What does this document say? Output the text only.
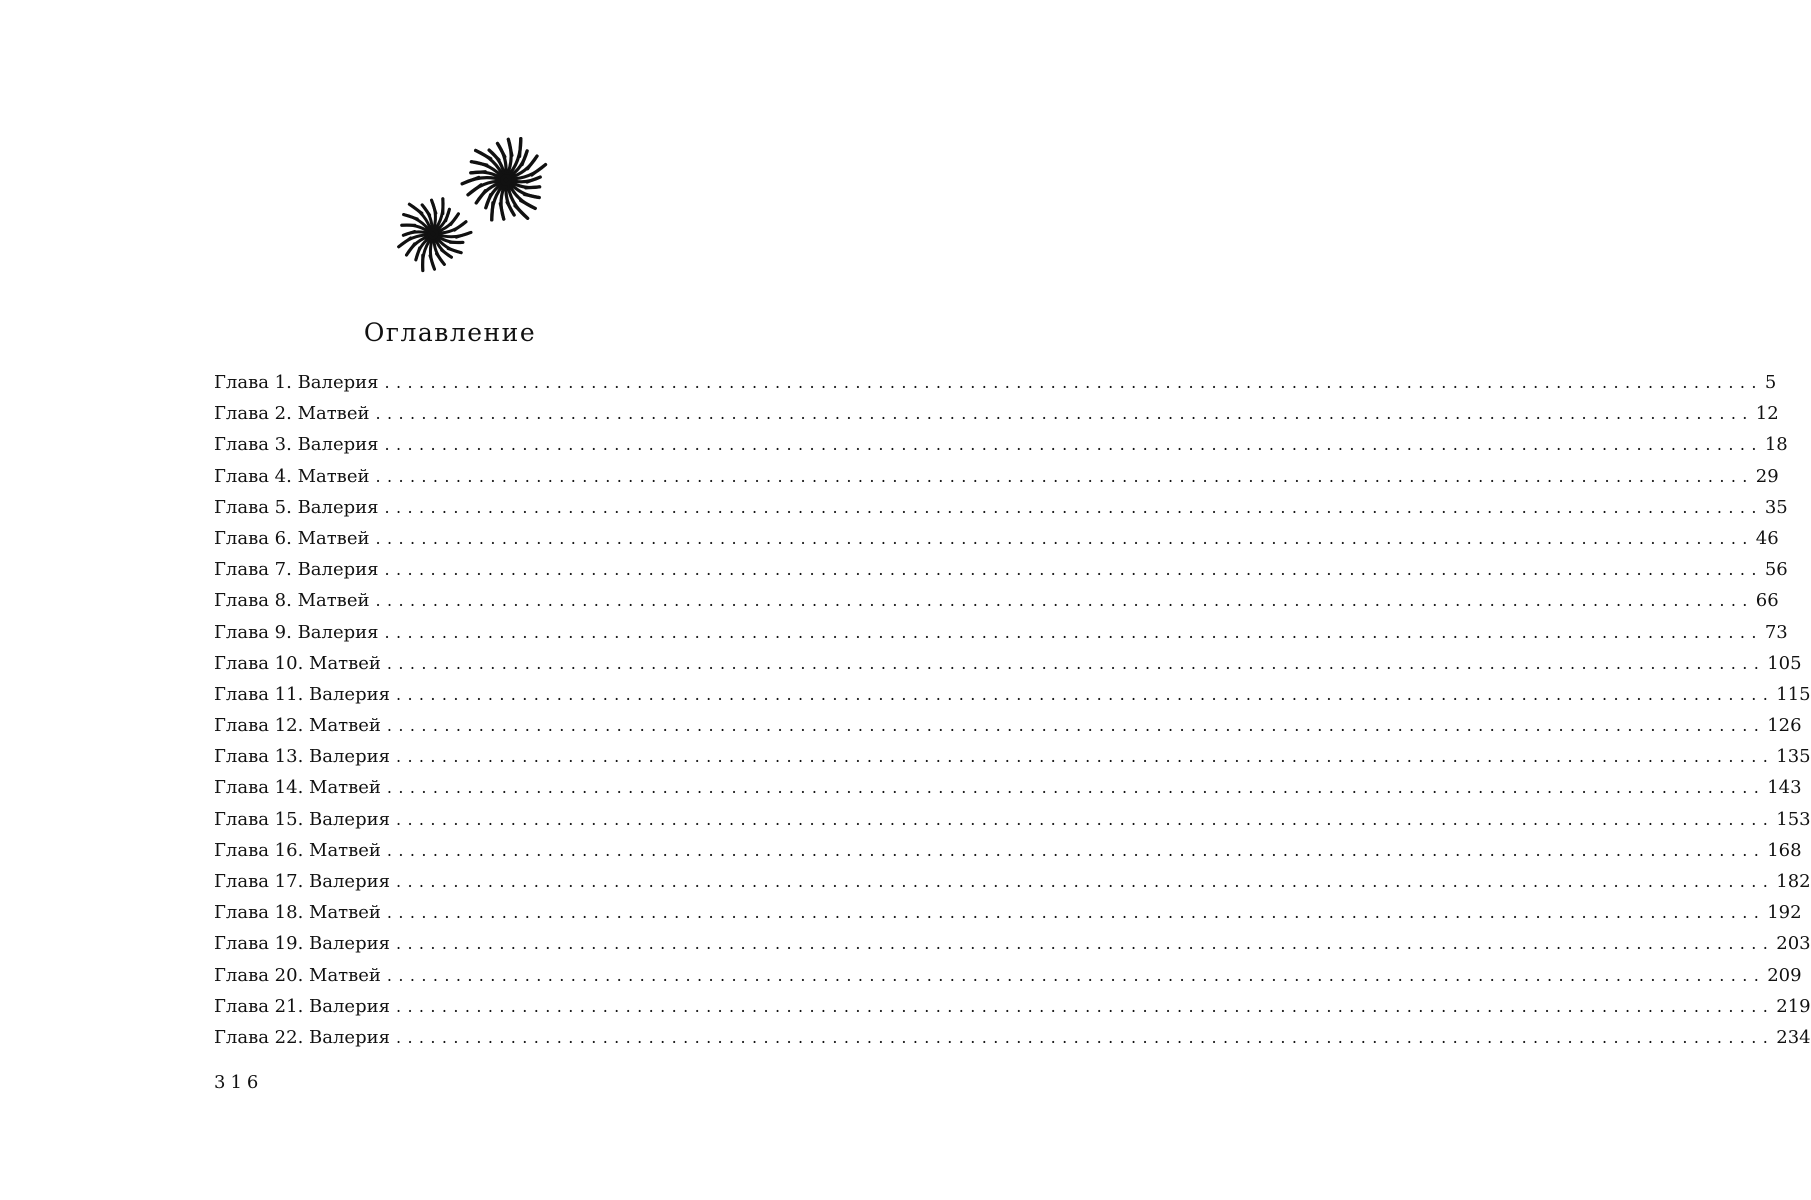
Оглавление
Глава 1. Валерия ........................................................................................................................ 5
Глава 2. Матвей ........................................................................................................................ 12
Глава 3. Валерия ........................................................................................................................ 18
Глава 4. Матвей ........................................................................................................................ 29
Глава 5. Валерия ........................................................................................................................ 35
Глава 6. Матвей ........................................................................................................................ 46
Глава 7. Валерия ........................................................................................................................ 56
Глава 8. Матвей ........................................................................................................................ 66
Глава 9. Валерия ........................................................................................................................ 73
Глава 10. Матвей ........................................................................................................................ 105
Глава 11. Валерия ........................................................................................................................ 115
Глава 12. Матвей ........................................................................................................................ 126
Глава 13. Валерия ........................................................................................................................ 135
Глава 14. Матвей ........................................................................................................................ 143
Глава 15. Валерия ........................................................................................................................ 153
Глава 16. Матвей ........................................................................................................................ 168
Глава 17. Валерия ........................................................................................................................ 182
Глава 18. Матвей ........................................................................................................................ 192
Глава 19. Валерия ........................................................................................................................ 203
Глава 20. Матвей ........................................................................................................................ 209
Глава 21. Валерия ........................................................................................................................ 219
Глава 22. Валерия ........................................................................................................................ 234
316
